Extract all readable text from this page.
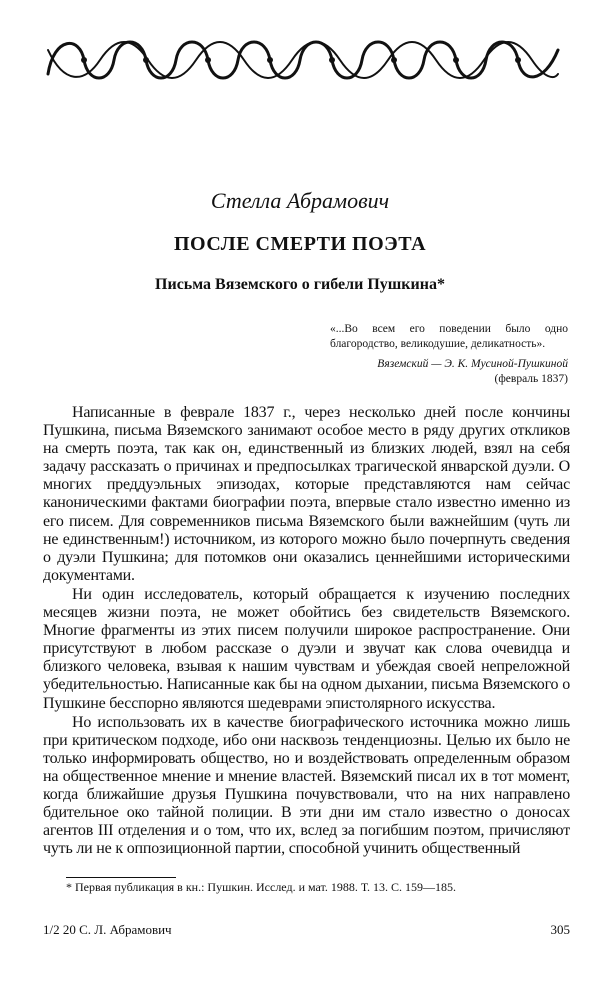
Стелла Абрамович
ПОСЛЕ СМЕРТИ ПОЭТА
Письма Вяземского о гибели Пушкина*
«...Во всем его поведении было одно благородство, великодушие, деликатность».
Вяземский — Э. К. Мусиной-Пушкиной
(февраль 1837)

Написанные в феврале 1837 г., через несколько дней после кончины Пушкина, письма Вяземского занимают особое место в ряду других откликов на смерть поэта, так как он, единственный из близких людей, взял на себя задачу рассказать о причинах и предпосылках трагической январской дуэли. О многих преддуэльных эпизодах, которые представляются нам сейчас каноническими фактами биографии поэта, впервые стало известно именно из его писем. Для современников письма Вяземского были важнейшим (чуть ли не единственным!) источником, из которого можно было почерпнуть сведения о дуэли Пушкина; для потомков они оказались ценнейшими историческими документами.

Ни один исследователь, который обращается к изучению последних месяцев жизни поэта, не может обойтись без свидетельств Вяземского. Многие фрагменты из этих писем получили широкое распространение. Они присутствуют в любом рассказе о дуэли и звучат как слова очевидца и близкого человека, взывая к нашим чувствам и убеждая своей непреложной убедительностью. Написанные как бы на одном дыхании, письма Вяземского о Пушкине бесспорно являются шедеврами эпистолярного искусства.

Но использовать их в качестве биографического источника можно лишь при критическом подходе, ибо они насквозь тенденциозны. Целью их было не только информировать общество, но и воздействовать определенным образом на общественное мнение и мнение властей. Вяземский писал их в тот момент, когда ближайшие друзья Пушкина почувствовали, что на них направлено бдительное око тайной полиции. В эти дни им стало известно о доносах агентов III отделения и о том, что их, вслед за погибшим поэтом, причисляют чуть ли не к оппозиционной партии, способной учинить общественный

* Первая публикация в кн.: Пушкин. Исслед. и мат. 1988. Т. 13. С. 159—185.
1/2 20 С. Л. Абрамович	305
